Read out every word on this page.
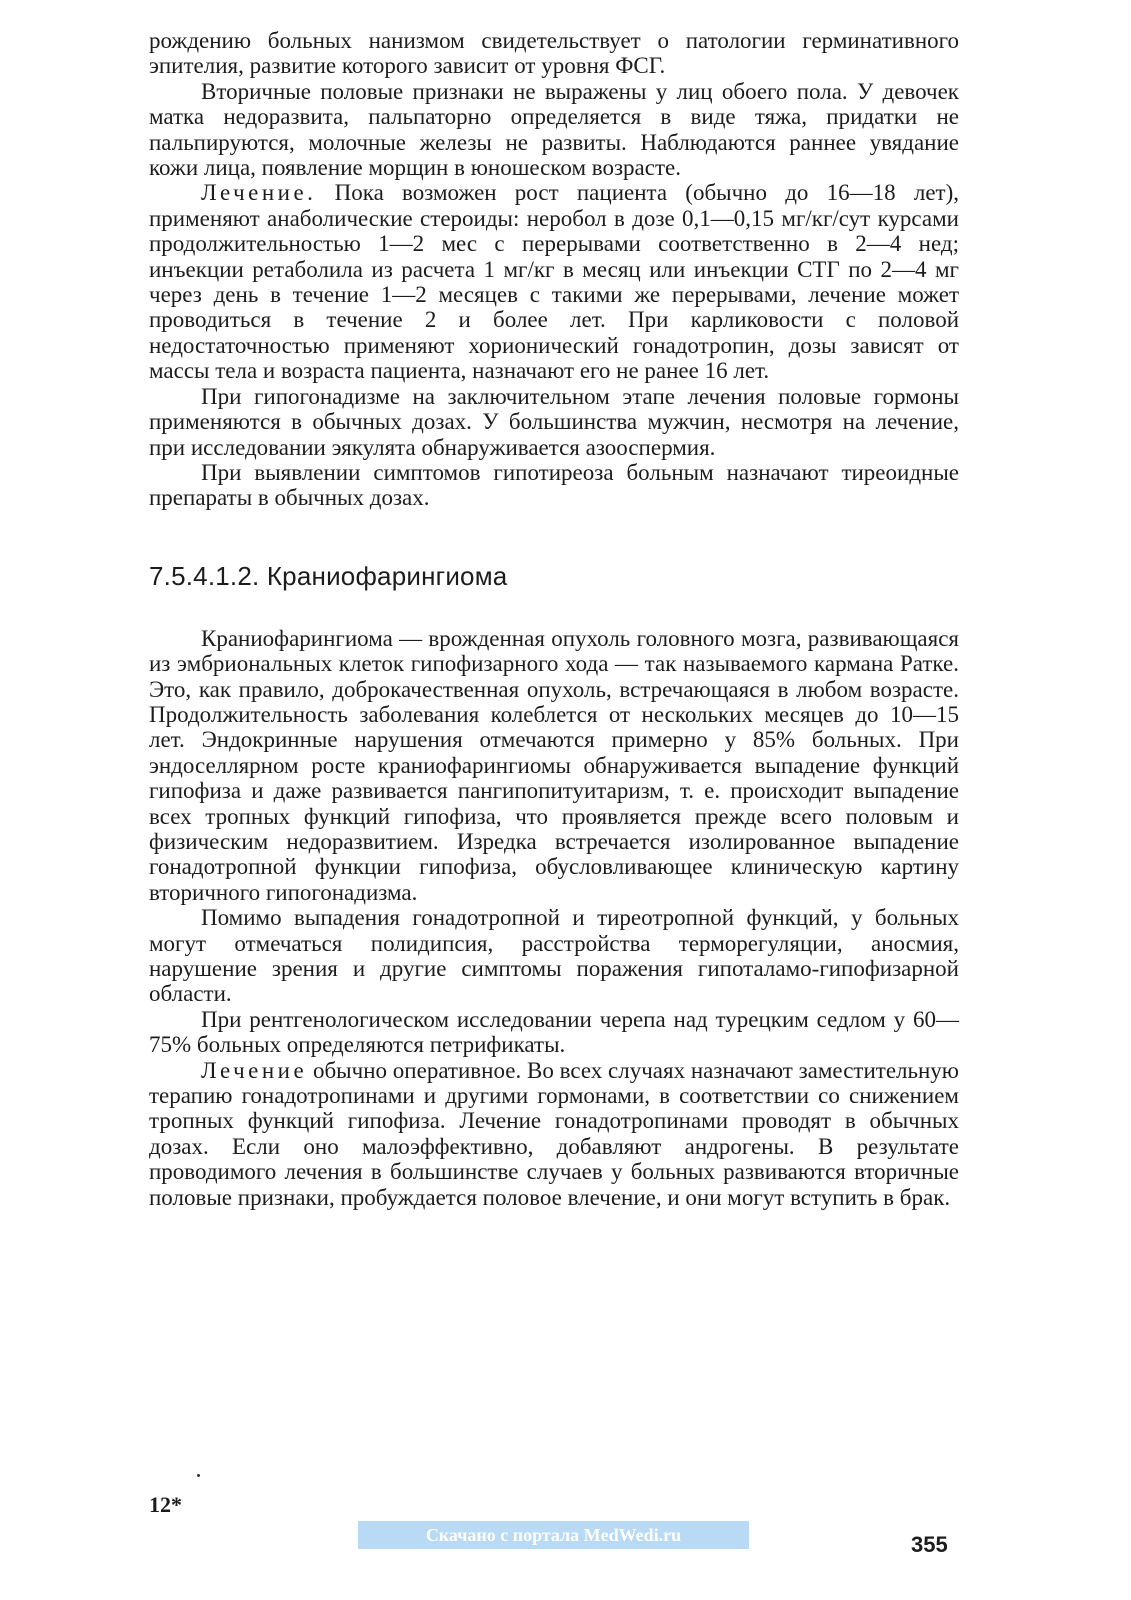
рождению больных нанизмом свидетельствует о патологии герминативного эпителия, развитие которого зависит от уровня ФСГ.

Вторичные половые признаки не выражены у лиц обоего пола. У девочек матка недоразвита, пальпаторно определяется в виде тяжа, придатки не пальпируются, молочные железы не развиты. Наблюдаются раннее увядание кожи лица, появление морщин в юношеском возрасте.

Лечение. Пока возможен рост пациента (обычно до 16—18 лет), применяют анаболические стероиды: неробол в дозе 0,1—0,15 мг/кг/сут курсами продолжительностью 1—2 мес с перерывами соответственно в 2—4 нед; инъекции ретаболила из расчета 1 мг/кг в месяц или инъекции СТГ по 2—4 мг через день в течение 1—2 месяцев с такими же перерывами, лечение может проводиться в течение 2 и более лет. При карликовости с половой недостаточностью применяют хорионический гонадотропин, дозы зависят от массы тела и возраста пациента, назначают его не ранее 16 лет.

При гипогонадизме на заключительном этапе лечения половые гормоны применяются в обычных дозах. У большинства мужчин, несмотря на лечение, при исследовании эякулята обнаруживается азооспермия.

При выявлении симптомов гипотиреоза больным назначают тиреоидные препараты в обычных дозах.

7.5.4.1.2. Краниофарингиома

Краниофарингиома — врожденная опухоль головного мозга, развивающаяся из эмбриональных клеток гипофизарного хода — так называемого кармана Ратке. Это, как правило, доброкачественная опухоль, встречающаяся в любом возрасте. Продолжительность заболевания колеблется от нескольких месяцев до 10—15 лет. Эндокринные нарушения отмечаются примерно у 85% больных. При эндоселлярном росте краниофарингиомы обнаруживается выпадение функций гипофиза и даже развивается пангипопитуитаризм, т. е. происходит выпадение всех тропных функций гипофиза, что проявляется прежде всего половым и физическим недоразвитием. Изредка встречается изолированное выпадение гонадотропной функции гипофиза, обусловливающее клиническую картину вторичного гипогонадизма.

Помимо выпадения гонадотропной и тиреотропной функций, у больных могут отмечаться полидипсия, расстройства терморегуляции, аносмия, нарушение зрения и другие симптомы поражения гипоталамо-гипофизарной области.

При рентгенологическом исследовании черепа над турецким седлом у 60—75% больных определяются петрификаты.

Лечение обычно оперативное. Во всех случаях назначают заместительную терапию гонадотропинами и другими гормонами, в соответствии со снижением тропных функций гипофиза. Лечение гонадотропинами проводят в обычных дозах. Если оно малоэффективно, добавляют андрогены. В результате проводимого лечения в большинстве случаев у больных развиваются вторичные половые признаки, пробуждается половое влечение, и они могут вступить в брак.

12*
Скачано с портала MedWedi.ru	355
